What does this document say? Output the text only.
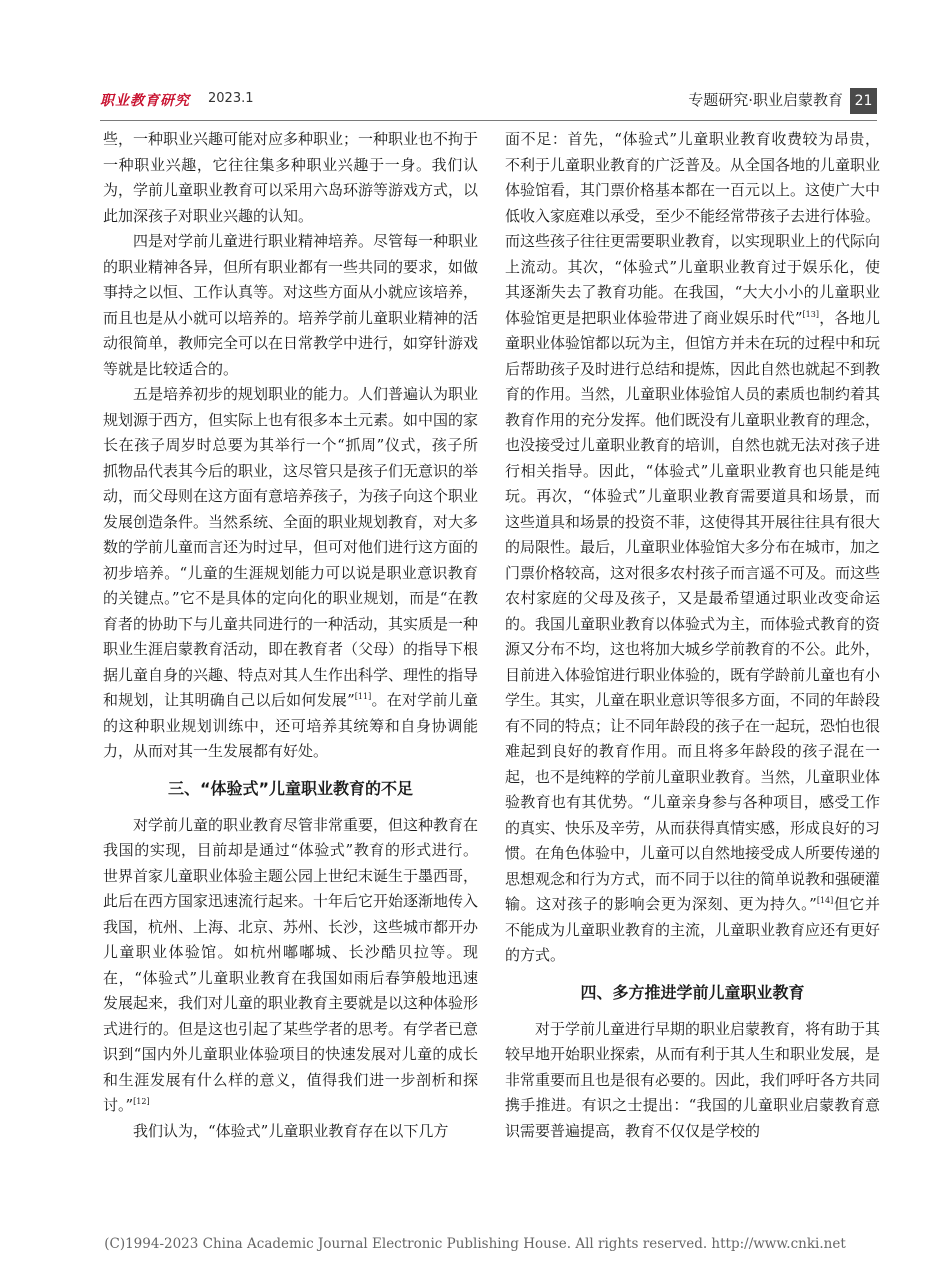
职业教育研究 2023.1	专题研究·职业启蒙教育 21

些，一种职业兴趣可能对应多种职业；一种职业也不拘于一种职业兴趣，它往往集多种职业兴趣于一身。我们认为，学前儿童职业教育可以采用六岛环游等游戏方式，以此加深孩子对职业兴趣的认知。

四是对学前儿童进行职业精神培养。尽管每一种职业的职业精神各异，但所有职业都有一些共同的要求，如做事持之以恒、工作认真等。对这些方面从小就应该培养，而且也是从小就可以培养的。培养学前儿童职业精神的活动很简单，教师完全可以在日常教学中进行，如穿针游戏等就是比较适合的。

五是培养初步的规划职业的能力。人们普遍认为职业规划源于西方，但实际上也有很多本土元素。如中国的家长在孩子周岁时总要为其举行一个“抓周”仪式，孩子所抓物品代表其今后的职业，这尽管只是孩子们无意识的举动，而父母则在这方面有意培养孩子，为孩子向这个职业发展创造条件。当然系统、全面的职业规划教育，对大多数的学前儿童而言还为时过早，但可对他们进行这方面的初步培养。“儿童的生涯规划能力可以说是职业意识教育的关键点。”它不是具体的定向化的职业规划，而是“在教育者的协助下与儿童共同进行的一种活动，其实质是一种职业生涯启蒙教育活动，即在教育者（父母）的指导下根据儿童自身的兴趣、特点对其人生作出科学、理性的指导和规划，让其明确自己以后如何发展”[11]。在对学前儿童的这种职业规划训练中，还可培养其统筹和自身协调能力，从而对其一生发展都有好处。

三、“体验式”儿童职业教育的不足

对学前儿童的职业教育尽管非常重要，但这种教育在我国的实现，目前却是通过“体验式”教育的形式进行。世界首家儿童职业体验主题公园上世纪末诞生于墨西哥，此后在西方国家迅速流行起来。十年后它开始逐渐地传入我国，杭州、上海、北京、苏州、长沙，这些城市都开办儿童职业体验馆。如杭州嘟嘟城、长沙酷贝拉等。现在，“体验式”儿童职业教育在我国如雨后春笋般地迅速发展起来，我们对儿童的职业教育主要就是以这种体验形式进行的。但是这也引起了某些学者的思考。有学者已意识到“国内外儿童职业体验项目的快速发展对儿童的成长和生涯发展有什么样的意义，值得我们进一步剖析和探讨。”[12]

我们认为，“体验式”儿童职业教育存在以下几方

面不足：首先，“体验式”儿童职业教育收费较为昂贵，不利于儿童职业教育的广泛普及。从全国各地的儿童职业体验馆看，其门票价格基本都在一百元以上。这使广大中低收入家庭难以承受，至少不能经常带孩子去进行体验。而这些孩子往往更需要职业教育，以实现职业上的代际向上流动。其次，“体验式”儿童职业教育过于娱乐化，使其逐渐失去了教育功能。在我国，“大大小小的儿童职业体验馆更是把职业体验带进了商业娱乐时代”[13]，各地儿童职业体验馆都以玩为主，但馆方并未在玩的过程中和玩后帮助孩子及时进行总结和提炼，因此自然也就起不到教育的作用。当然，儿童职业体验馆人员的素质也制约着其教育作用的充分发挥。他们既没有儿童职业教育的理念，也没接受过儿童职业教育的培训，自然也就无法对孩子进行相关指导。因此，“体验式”儿童职业教育也只能是纯玩。再次，“体验式”儿童职业教育需要道具和场景，而这些道具和场景的投资不菲，这使得其开展往往具有很大的局限性。最后，儿童职业体验馆大多分布在城市，加之门票价格较高，这对很多农村孩子而言遥不可及。而这些农村家庭的父母及孩子，又是最希望通过职业改变命运的。我国儿童职业教育以体验式为主，而体验式教育的资源又分布不均，这也将加大城乡学前教育的不公。此外，目前进入体验馆进行职业体验的，既有学龄前儿童也有小学生。其实，儿童在职业意识等很多方面，不同的年龄段有不同的特点；让不同年龄段的孩子在一起玩，恐怕也很难起到良好的教育作用。而且将多年龄段的孩子混在一起，也不是纯粹的学前儿童职业教育。当然，儿童职业体验教育也有其优势。“儿童亲身参与各种项目，感受工作的真实、快乐及辛劳，从而获得真情实感，形成良好的习惯。在角色体验中，儿童可以自然地接受成人所要传递的思想观念和行为方式，而不同于以往的简单说教和强硬灌输。这对孩子的影响会更为深刻、更为持久。”[14]但它并不能成为儿童职业教育的主流，儿童职业教育应还有更好的方式。

四、多方推进学前儿童职业教育

对于学前儿童进行早期的职业启蒙教育，将有助于其较早地开始职业探索，从而有利于其人生和职业发展，是非常重要而且也是很有必要的。因此，我们呼吁各方共同携手推进。有识之士提出：“我国的儿童职业启蒙教育意识需要普遍提高，教育不仅仅是学校的

(C)1994-2023 China Academic Journal Electronic Publishing House. All rights reserved. http://www.cnki.net
